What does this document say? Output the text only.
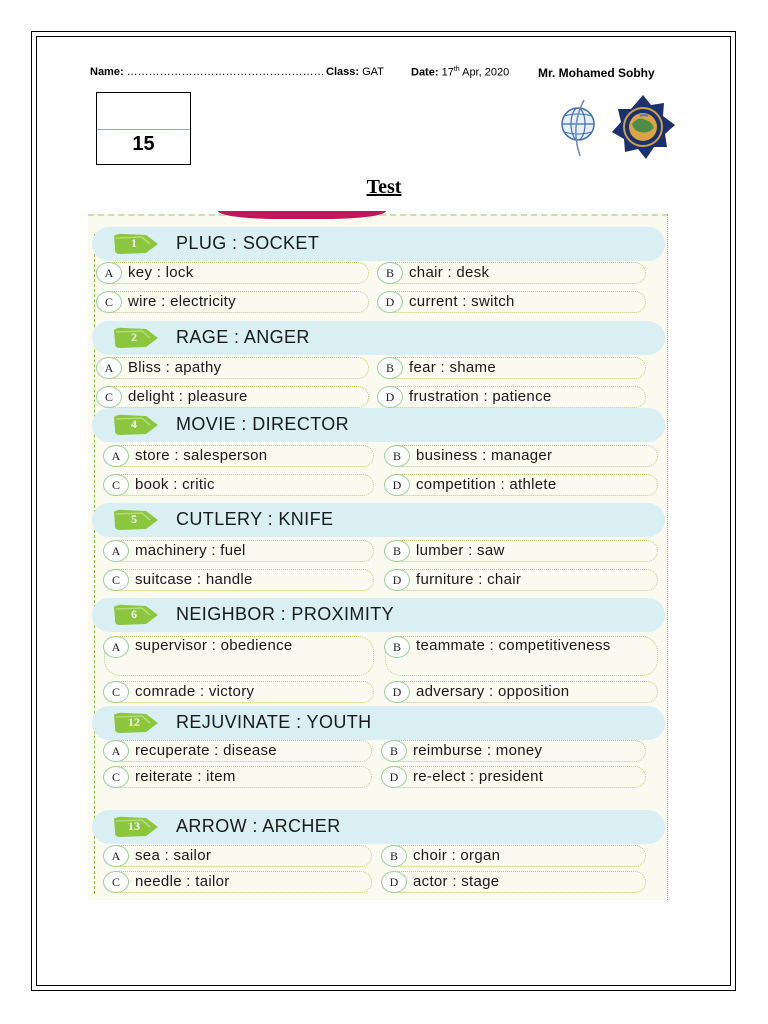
Name: ……………………………………………… Class: GAT Date: 17th Apr, 2020 Mr. Mohamed Sobhy
15
Test
1	PLUG : SOCKET
A key : lock	B	chair : desk
C	wire : electricity	D current : switch
2	RAGE : ANGER
A Bliss : apathy	B	fear : shame
C	delight : pleasure	D frustration : patience
4	MOVIE : DIRECTOR
A store : salesperson	B	business : manager
C	book : critic	D competition : athlete
5	CUTLERY : KNIFE
A machinery : fuel	B	lumber : saw
C	suitcase : handle	D furniture : chair
6	NEIGHBOR : PROXIMITY
A supervisor : obedience	B	teammate : competitiveness
C	comrade : victory	D adversary : opposition
12	REJUVINATE : YOUTH
A recuperate : disease	B	reimburse : money
C	reiterate : item	D re-elect : president
13	ARROW : ARCHER
A sea : sailor	B	choir : organ
C	needle : tailor	D actor : stage
